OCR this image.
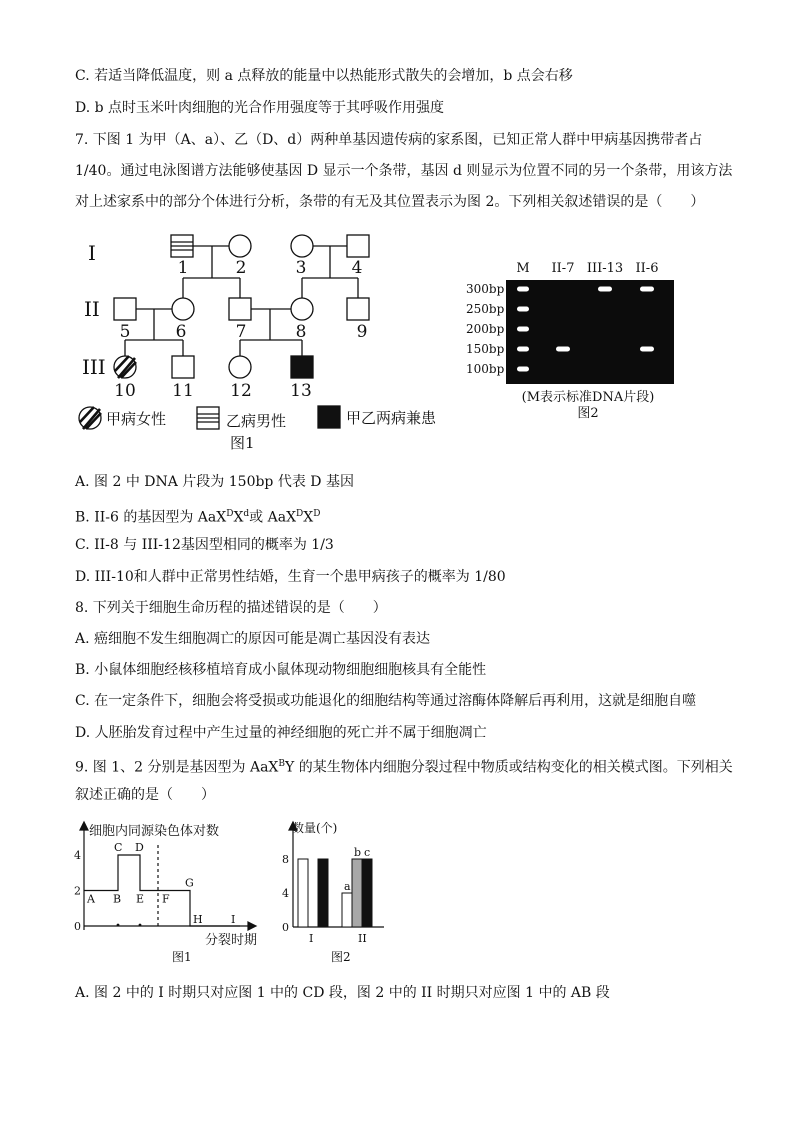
C. 若适当降低温度，则 a 点释放的能量中以热能形式散失的会增加，b 点会右移
D. b 点时玉米叶肉细胞的光合作用强度等于其呼吸作用强度
7. 下图 1 为甲（A、a）、乙（D、d）两种单基因遗传病的家系图，已知正常人群中甲病基因携带者占
1/40。通过电泳图谱方法能够使基因 D 显示一个条带，基因 d 则显示为位置不同的另一个条带，用该方法
对上述家系中的部分个体进行分析，条带的有无及其位置表示为图 2。下列相关叙述错误的是（　　）
I
II
III
1	2	3	4
5	6	7	8	9
10 11 12 13
甲病女性	乙病男性	甲乙两病兼患
图1
M II-7 III-13 II-6
300bp
250bp
200bp
150bp
100bp
(M表示标准DNA片段)
图2
A. 图 2 中 DNA 片段为 150bp 代表 D 基因
B. II-6 的基因型为 $AaX^DX^d$或 $AaX^DX^D$
C. II-8 与 III-12基因型相同的概率为 1/3
D. III-10和人群中正常男性结婚，生育一个患甲病孩子的概率为 1/80
8. 下列关于细胞生命历程的描述错误的是（　　）
A. 癌细胞不发生细胞凋亡的原因可能是凋亡基因没有表达
B. 小鼠体细胞经核移植培育成小鼠体现动物细胞细胞核具有全能性
C. 在一定条件下，细胞会将受损或功能退化的细胞结构等通过溶酶体降解后再利用，这就是细胞自噬
D. 人胚胎发育过程中产生过量的神经细胞的死亡并不属于细胞凋亡
9. 图 1、2 分别是基因型为 AaX$^B$Y 的某生物体内细胞分裂过程中物质或结构变化的相关模式图。下列相关
叙述正确的是（　　）
0
2
4
A B
C D
E F
G
H	I
细胞内同源染色体对数
分裂时期
图1
0
4
8
I	II
a
b c
数量(个)
图2
A. 图 2 中的 I 时期只对应图 1 中的 CD 段，图 2 中的 II 时期只对应图 1 中的 AB 段
